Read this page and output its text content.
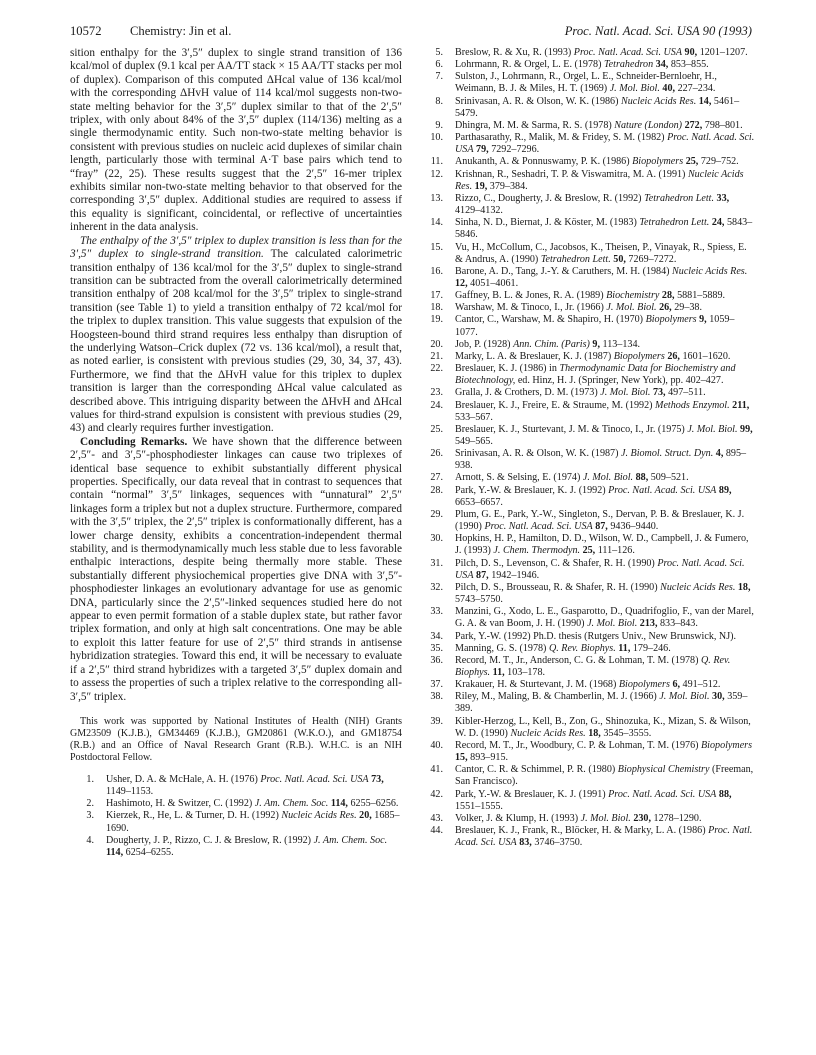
10572 Chemistry: Jin et al.	Proc. Natl. Acad. Sci. USA 90 (1993)

sition enthalpy for the 3′,5″ duplex to single strand transition of 136 kcal/mol of duplex (9.1 kcal per AA/TT stack × 15 AA/TT stacks per mol of duplex). Comparison of this computed ΔHcal value of 136 kcal/mol with the corresponding ΔHvH value of 114 kcal/mol suggests non-two-state melting behavior for the 3′,5″ duplex similar to that of the 2′,5″ triplex, with only about 84% of the 3′,5″ duplex (114/136) melting as a single thermodynamic entity. Such non-two-state melting behavior is consistent with previous studies on nucleic acid duplexes of similar chain length, particularly those with terminal A·T base pairs which tend to “fray” (22, 25). These results suggest that the 2′,5″ 16-mer triplex exhibits similar non-two-state melting behavior to that observed for the corresponding 3′,5″ duplex. Additional studies are required to assess if this equality is significant, coincidental, or reflective of uncertainties inherent in the data analysis.

The enthalpy of the 3′,5″ triplex to duplex transition is less than for the 3′,5″ duplex to single-strand transition. The calculated calorimetric transition enthalpy of 136 kcal/mol for the 3′,5″ duplex to single-strand transition can be subtracted from the overall calorimetrically determined transition enthalpy of 208 kcal/mol for the 3′,5″ triplex to single-strand transition (see Table 1) to yield a transition enthalpy of 72 kcal/mol for the triplex to duplex transition. This value suggests that expulsion of the Hoogsteen-bound third strand requires less enthalpy than disruption of the underlying Watson–Crick duplex (72 vs. 136 kcal/mol), a result that, as noted earlier, is consistent with previous studies (29, 30, 34, 37, 43). Furthermore, we find that the ΔHvH value for this triplex to duplex transition is larger than the corresponding ΔHcal value calculated as described above. This intriguing disparity between the ΔHvH and ΔHcal values for third-strand expulsion is consistent with previous studies (29, 43) and clearly requires further investigation.

Concluding Remarks. We have shown that the difference between 2′,5″- and 3′,5″-phosphodiester linkages can cause two triplexes of identical base sequence to exhibit substantially different physical properties. Specifically, our data reveal that in contrast to sequences that contain “normal” 3′,5″ linkages, sequences with “unnatural” 2′,5″ linkages form a triplex but not a duplex structure. Furthermore, compared with the 3′,5″ triplex, the 2′,5″ triplex is conformationally different, has a lower charge density, exhibits a concentration-independent thermal stability, and is thermodynamically much less stable due to less favorable enthalpic interactions, despite being thermally more stable. These substantially different physiochemical properties give DNA with 3′,5″-phosphodiester linkages an evolutionary advantage for use as genomic DNA, particularly since the 2′,5″-linked sequences studied here do not appear to even permit formation of a stable duplex state, but rather favor triplex formation, and only at high salt concentrations. One may be able to exploit this latter feature for use of 2′,5″ third strands in antisense hybridization strategies. Toward this end, it will be necessary to evaluate if a 2′,5″ third strand hybridizes with a targeted 3′,5″ duplex domain and to assess the properties of such a triplex relative to the corresponding all-3′,5″ triplex.

This work was supported by National Institutes of Health (NIH) Grants GM23509 (K.J.B.), GM34469 (K.J.B.), GM20861 (W.K.O.), and GM18754 (R.B.) and an Office of Naval Research Grant (R.B.). W.H.C. is an NIH Postdoctoral Fellow.

1. Usher, D. A. & McHale, A. H. (1976) Proc. Natl. Acad. Sci. USA 73, 1149–1153.
2. Hashimoto, H. & Switzer, C. (1992) J. Am. Chem. Soc. 114, 6255–6256.
3. Kierzek, R., He, L. & Turner, D. H. (1992) Nucleic Acids Res. 20, 1685–1690.
4. Dougherty, J. P., Rizzo, C. J. & Breslow, R. (1992) J. Am. Chem. Soc. 114, 6254–6255.
5. Breslow, R. & Xu, R. (1993) Proc. Natl. Acad. Sci. USA 90, 1201–1207.
6. Lohrmann, R. & Orgel, L. E. (1978) Tetrahedron 34, 853–855.
7. Sulston, J., Lohrmann, R., Orgel, L. E., Schneider-Bernloehr, H., Weimann, B. J. & Miles, H. T. (1969) J. Mol. Biol. 40, 227–234.
8. Srinivasan, A. R. & Olson, W. K. (1986) Nucleic Acids Res. 14, 5461–5479.
9. Dhingra, M. M. & Sarma, R. S. (1978) Nature (London) 272, 798–801.
10. Parthasarathy, R., Malik, M. & Fridey, S. M. (1982) Proc. Natl. Acad. Sci. USA 79, 7292–7296.
11. Anukanth, A. & Ponnuswamy, P. K. (1986) Biopolymers 25, 729–752.
12. Krishnan, R., Seshadri, T. P. & Viswamitra, M. A. (1991) Nucleic Acids Res. 19, 379–384.
13. Rizzo, C., Dougherty, J. & Breslow, R. (1992) Tetrahedron Lett. 33, 4129–4132.
14. Sinha, N. D., Biernat, J. & Köster, M. (1983) Tetrahedron Lett. 24, 5843–5846.
15. Vu, H., McCollum, C., Jacobsos, K., Theisen, P., Vinayak, R., Spiess, E. & Andrus, A. (1990) Tetrahedron Lett. 50, 7269–7272.
16. Barone, A. D., Tang, J.-Y. & Caruthers, M. H. (1984) Nucleic Acids Res. 12, 4051–4061.
17. Gaffney, B. L. & Jones, R. A. (1989) Biochemistry 28, 5881–5889.
18. Warshaw, M. & Tinoco, I., Jr. (1966) J. Mol. Biol. 26, 29–38.
19. Cantor, C., Warshaw, M. & Shapiro, H. (1970) Biopolymers 9, 1059–1077.
20. Job, P. (1928) Ann. Chim. (Paris) 9, 113–134.
21. Marky, L. A. & Breslauer, K. J. (1987) Biopolymers 26, 1601–1620.
22. Breslauer, K. J. (1986) in Thermodynamic Data for Biochemistry and Biotechnology, ed. Hinz, H. J. (Springer, New York), pp. 402–427.
23. Gralla, J. & Crothers, D. M. (1973) J. Mol. Biol. 73, 497–511.
24. Breslauer, K. J., Freire, E. & Straume, M. (1992) Methods Enzymol. 211, 533–567.
25. Breslauer, K. J., Sturtevant, J. M. & Tinoco, I., Jr. (1975) J. Mol. Biol. 99, 549–565.
26. Srinivasan, A. R. & Olson, W. K. (1987) J. Biomol. Struct. Dyn. 4, 895–938.
27. Arnott, S. & Selsing, E. (1974) J. Mol. Biol. 88, 509–521.
28. Park, Y.-W. & Breslauer, K. J. (1992) Proc. Natl. Acad. Sci. USA 89, 6653–6657.
29. Plum, G. E., Park, Y.-W., Singleton, S., Dervan, P. B. & Breslauer, K. J. (1990) Proc. Natl. Acad. Sci. USA 87, 9436–9440.
30. Hopkins, H. P., Hamilton, D. D., Wilson, W. D., Campbell, J. & Fumero, J. (1993) J. Chem. Thermodyn. 25, 111–126.
31. Pilch, D. S., Levenson, C. & Shafer, R. H. (1990) Proc. Natl. Acad. Sci. USA 87, 1942–1946.
32. Pilch, D. S., Brousseau, R. & Shafer, R. H. (1990) Nucleic Acids Res. 18, 5743–5750.
33. Manzini, G., Xodo, L. E., Gasparotto, D., Quadrifoglio, F., van der Marel, G. A. & van Boom, J. H. (1990) J. Mol. Biol. 213, 833–843.
34. Park, Y.-W. (1992) Ph.D. thesis (Rutgers Univ., New Brunswick, NJ).
35. Manning, G. S. (1978) Q. Rev. Biophys. 11, 179–246.
36. Record, M. T., Jr., Anderson, C. G. & Lohman, T. M. (1978) Q. Rev. Biophys. 11, 103–178.
37. Krakauer, H. & Sturtevant, J. M. (1968) Biopolymers 6, 491–512.
38. Riley, M., Maling, B. & Chamberlin, M. J. (1966) J. Mol. Biol. 30, 359–389.
39. Kibler-Herzog, L., Kell, B., Zon, G., Shinozuka, K., Mizan, S. & Wilson, W. D. (1990) Nucleic Acids Res. 18, 3545–3555.
40. Record, M. T., Jr., Woodbury, C. P. & Lohman, T. M. (1976) Biopolymers 15, 893–915.
41. Cantor, C. R. & Schimmel, P. R. (1980) Biophysical Chemistry (Freeman, San Francisco).
42. Park, Y.-W. & Breslauer, K. J. (1991) Proc. Natl. Acad. Sci. USA 88, 1551–1555.
43. Volker, J. & Klump, H. (1993) J. Mol. Biol. 230, 1278–1290.
44. Breslauer, K. J., Frank, R., Blöcker, H. & Marky, L. A. (1986) Proc. Natl. Acad. Sci. USA 83, 3746–3750.
